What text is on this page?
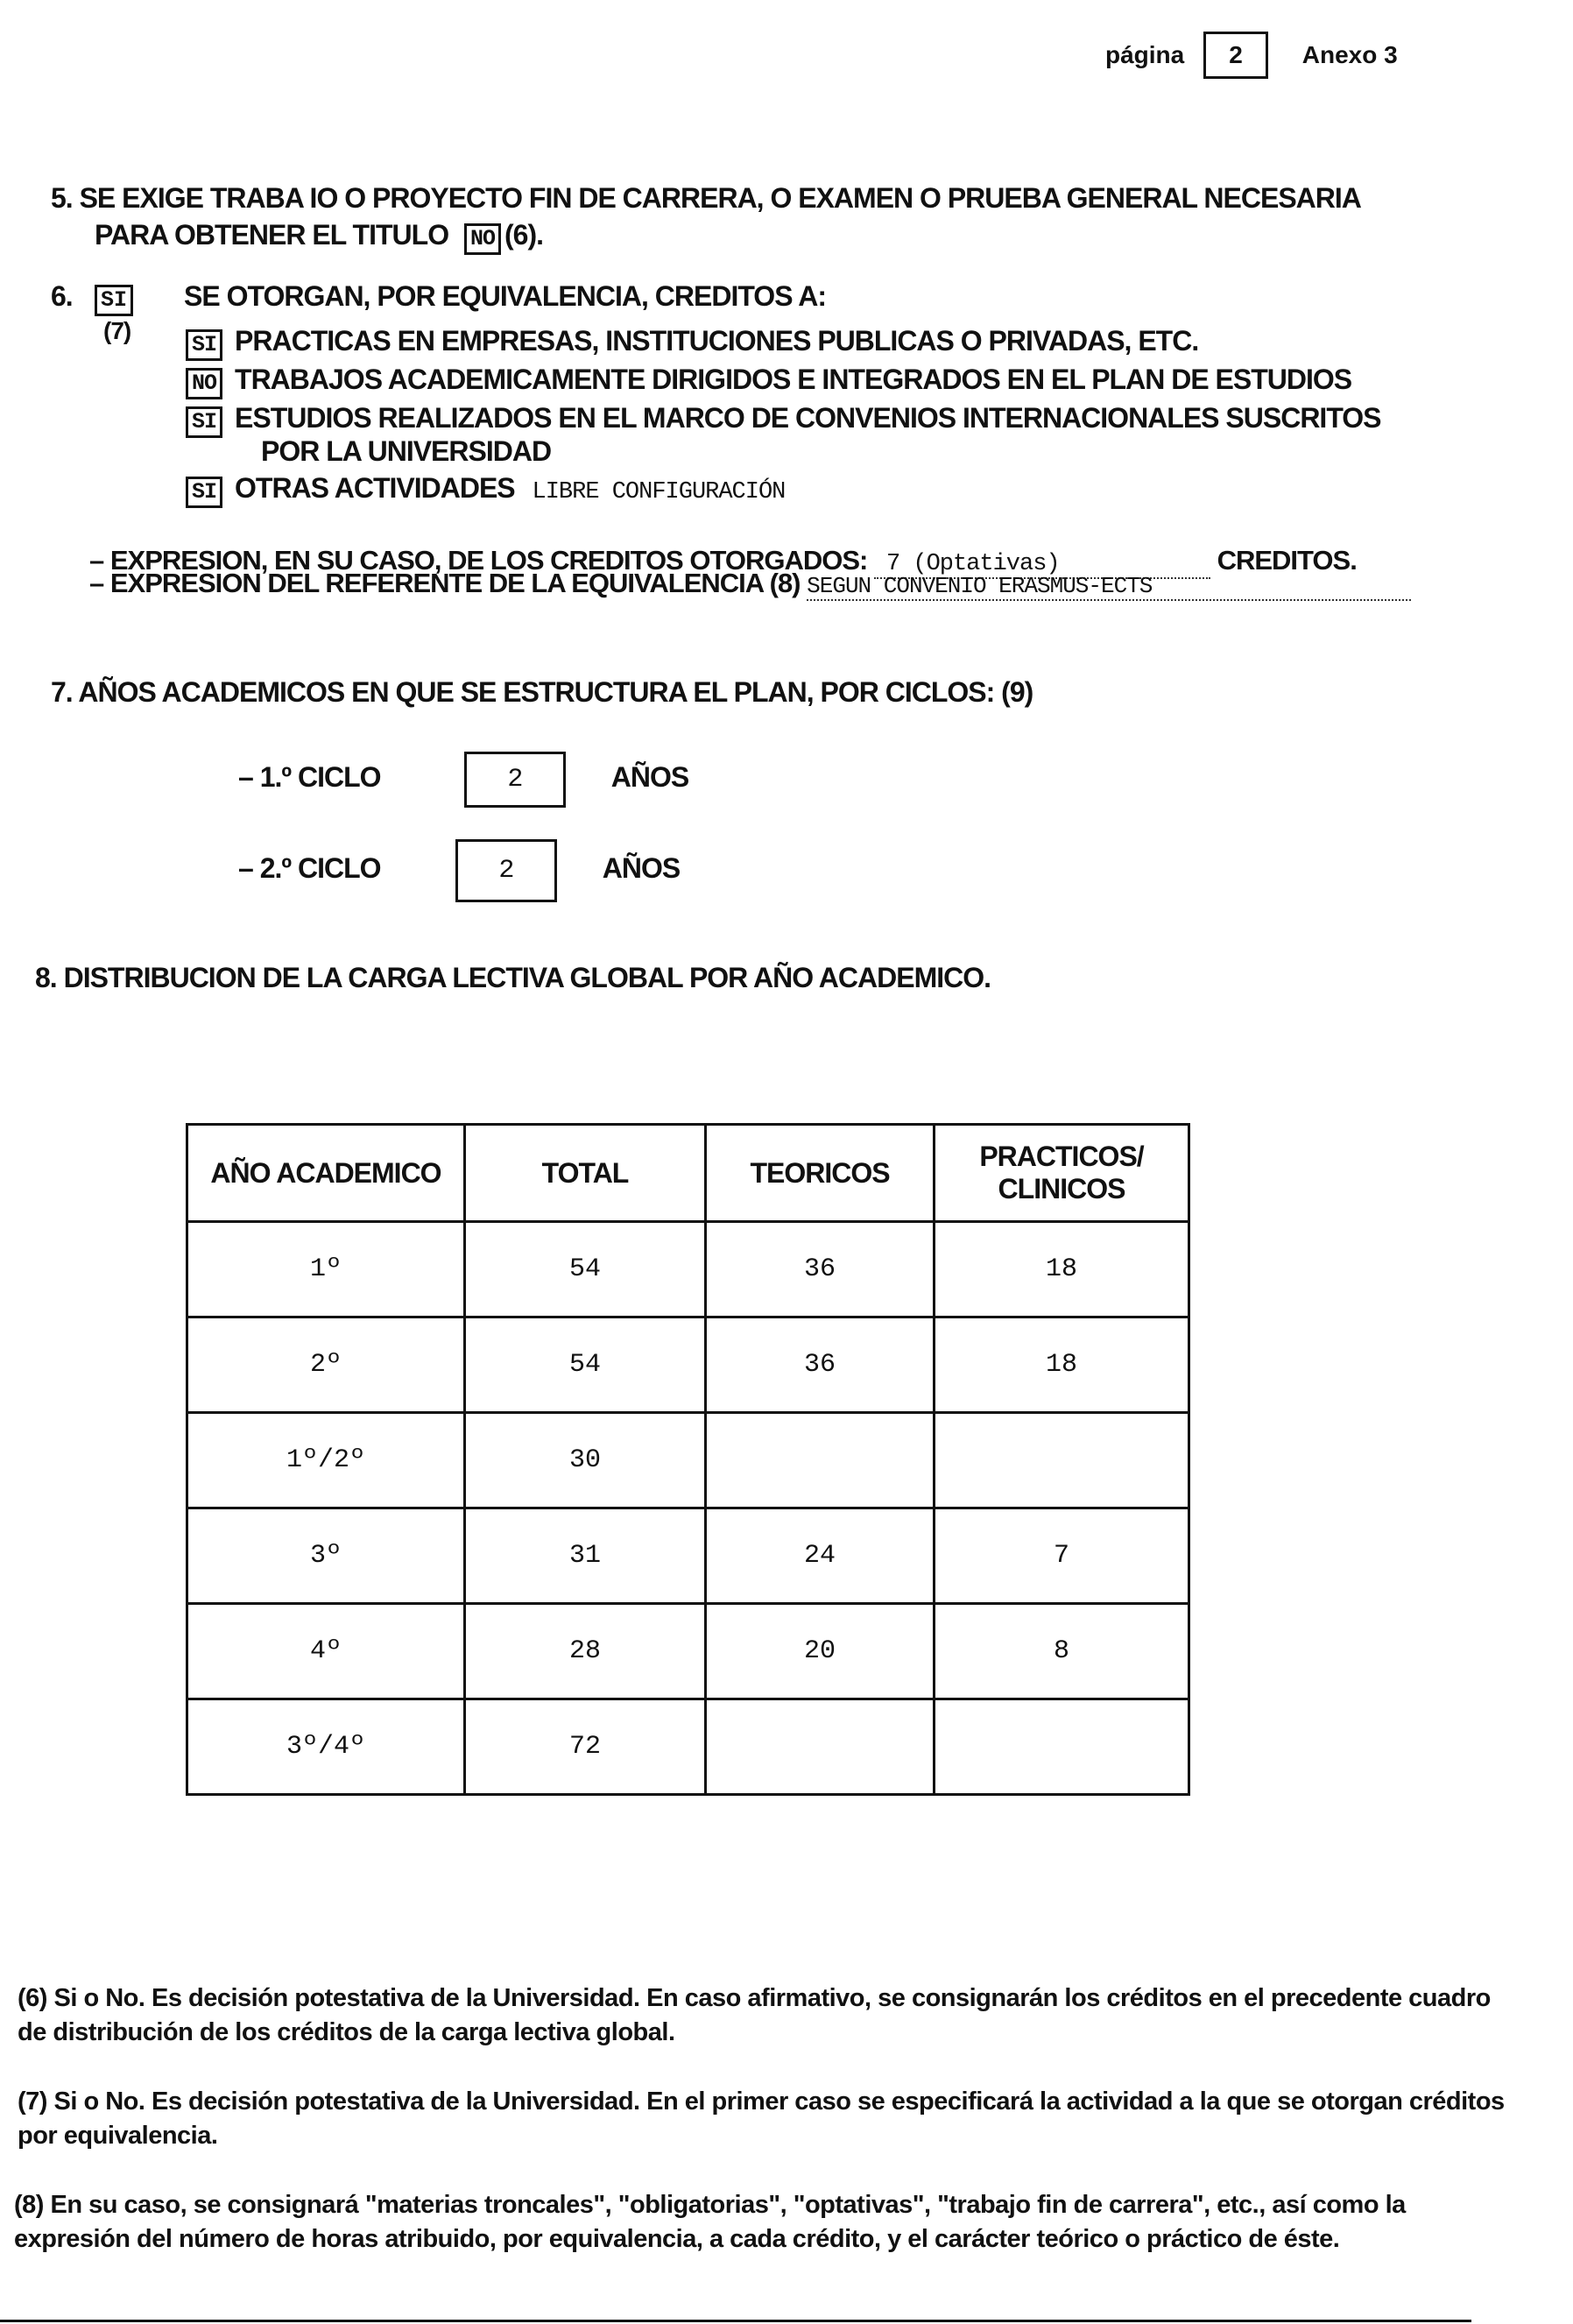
página 2 Anexo 3
5. SE EXIGE TRABA IO O PROYECTO FIN DE CARRERA, O EXAMEN O PRUEBA GENERAL NECESARIA
PARA OBTENER EL TITULO NO (6).
6. SI
(7)
SE OTORGAN, POR EQUIVALENCIA, CREDITOS A:
SI PRACTICAS EN EMPRESAS, INSTITUCIONES PUBLICAS O PRIVADAS, ETC.
NO TRABAJOS ACADEMICAMENTE DIRIGIDOS E INTEGRADOS EN EL PLAN DE ESTUDIOS
SI ESTUDIOS REALIZADOS EN EL MARCO DE CONVENIOS INTERNACIONALES SUSCRITOS
POR LA UNIVERSIDAD
SI OTRAS ACTIVIDADES LIBRE CONFIGURACIÓN
– EXPRESION, EN SU CASO, DE LOS CREDITOS OTORGADOS: 7 (Optativas)	CREDITOS.
– EXPRESION DEL REFERENTE DE LA EQUIVALENCIA (8) SEGUN CONVENIO ERASMUS-ECTS
7. AÑOS ACADEMICOS EN QUE SE ESTRUCTURA EL PLAN, POR CICLOS: (9)
– 1.º CICLO	2	AÑOS
– 2.º CICLO	2	AÑOS
8. DISTRIBUCION DE LA CARGA LECTIVA GLOBAL POR AÑO ACADEMICO.
AÑO ACADEMICO	TOTAL	TEORICOS	PRACTICOS/ CLINICOS
1º	54	36	18
2º	54	36	18
1º/2º	30		
3º	31	24	7
4º	28	20	8
3º/4º	72		
(6) Si o No. Es decisión potestativa de la Universidad. En caso afirmativo, se consignarán los créditos en el precedente cuadro de distribución de los créditos de la carga lectiva global.
(7) Si o No. Es decisión potestativa de la Universidad. En el primer caso se especificará la actividad a la que se otorgan créditos por equivalencia.
(8) En su caso, se consignará "materias troncales", "obligatorias", "optativas", "trabajo fin de carrera", etc., así como la expresión del número de horas atribuido, por equivalencia, a cada crédito, y el carácter teórico o práctico de éste.
